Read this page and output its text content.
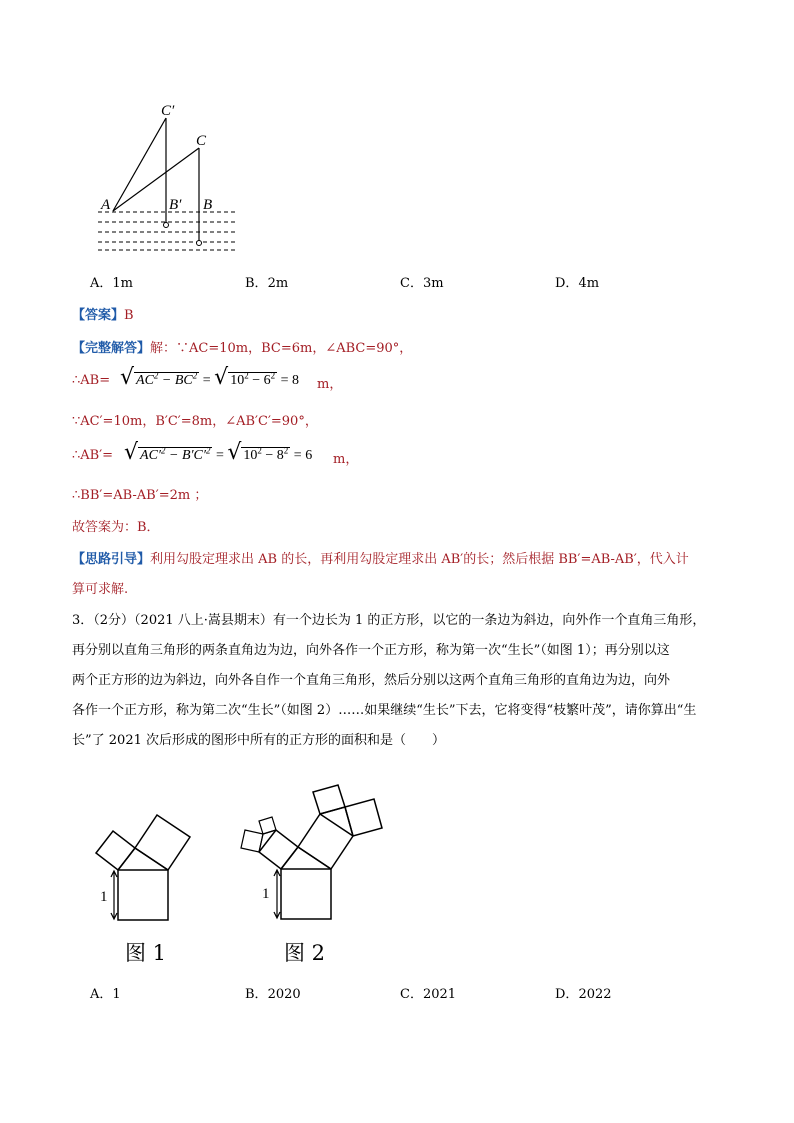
C′
C
A	B′ B
A．1m	B．2m	C．3m	D．4m
【答案】B
【完整解答】解：∵AC=10m，BC=6m，∠ABC=90°，
∴AB= √ $AC^2 - BC^2$ = √ $10^2 - 6^2 = 8$ m，
∵AC′=10m，B′C′=8m，∠AB′C′=90°，
∴AB′= √ $AC'^2 - B'C'^2$ = √ $10^2 - 8^2 = 6$ m，
∴BB′=AB-AB′=2m ；
故答案为：B．
【思路引导】利用勾股定理求出 AB 的长，再利用勾股定理求出 AB′的长；然后根据 BB′=AB-AB′，代入计
算可求解.
3．（2分）（2021 八上·嵩县期末）有一个边长为 1 的正方形，以它的一条边为斜边，向外作一个直角三角形，
再分别以直角三角形的两条直角边为边，向外各作一个正方形，称为第一次“生长”（如图 1）；再分别以这
两个正方形的边为斜边，向外各自作一个直角三角形，然后分别以这两个直角三角形的直角边为边，向外
各作一个正方形，称为第二次“生长”（如图 2）……如果继续“生长”下去，它将变得“枝繁叶茂”，请你算出“生
长”了 2021 次后形成的图形中所有的正方形的面积和是（　　）
1
图 1
1
图 2
A．1	B．2020	C．2021	D．2022
